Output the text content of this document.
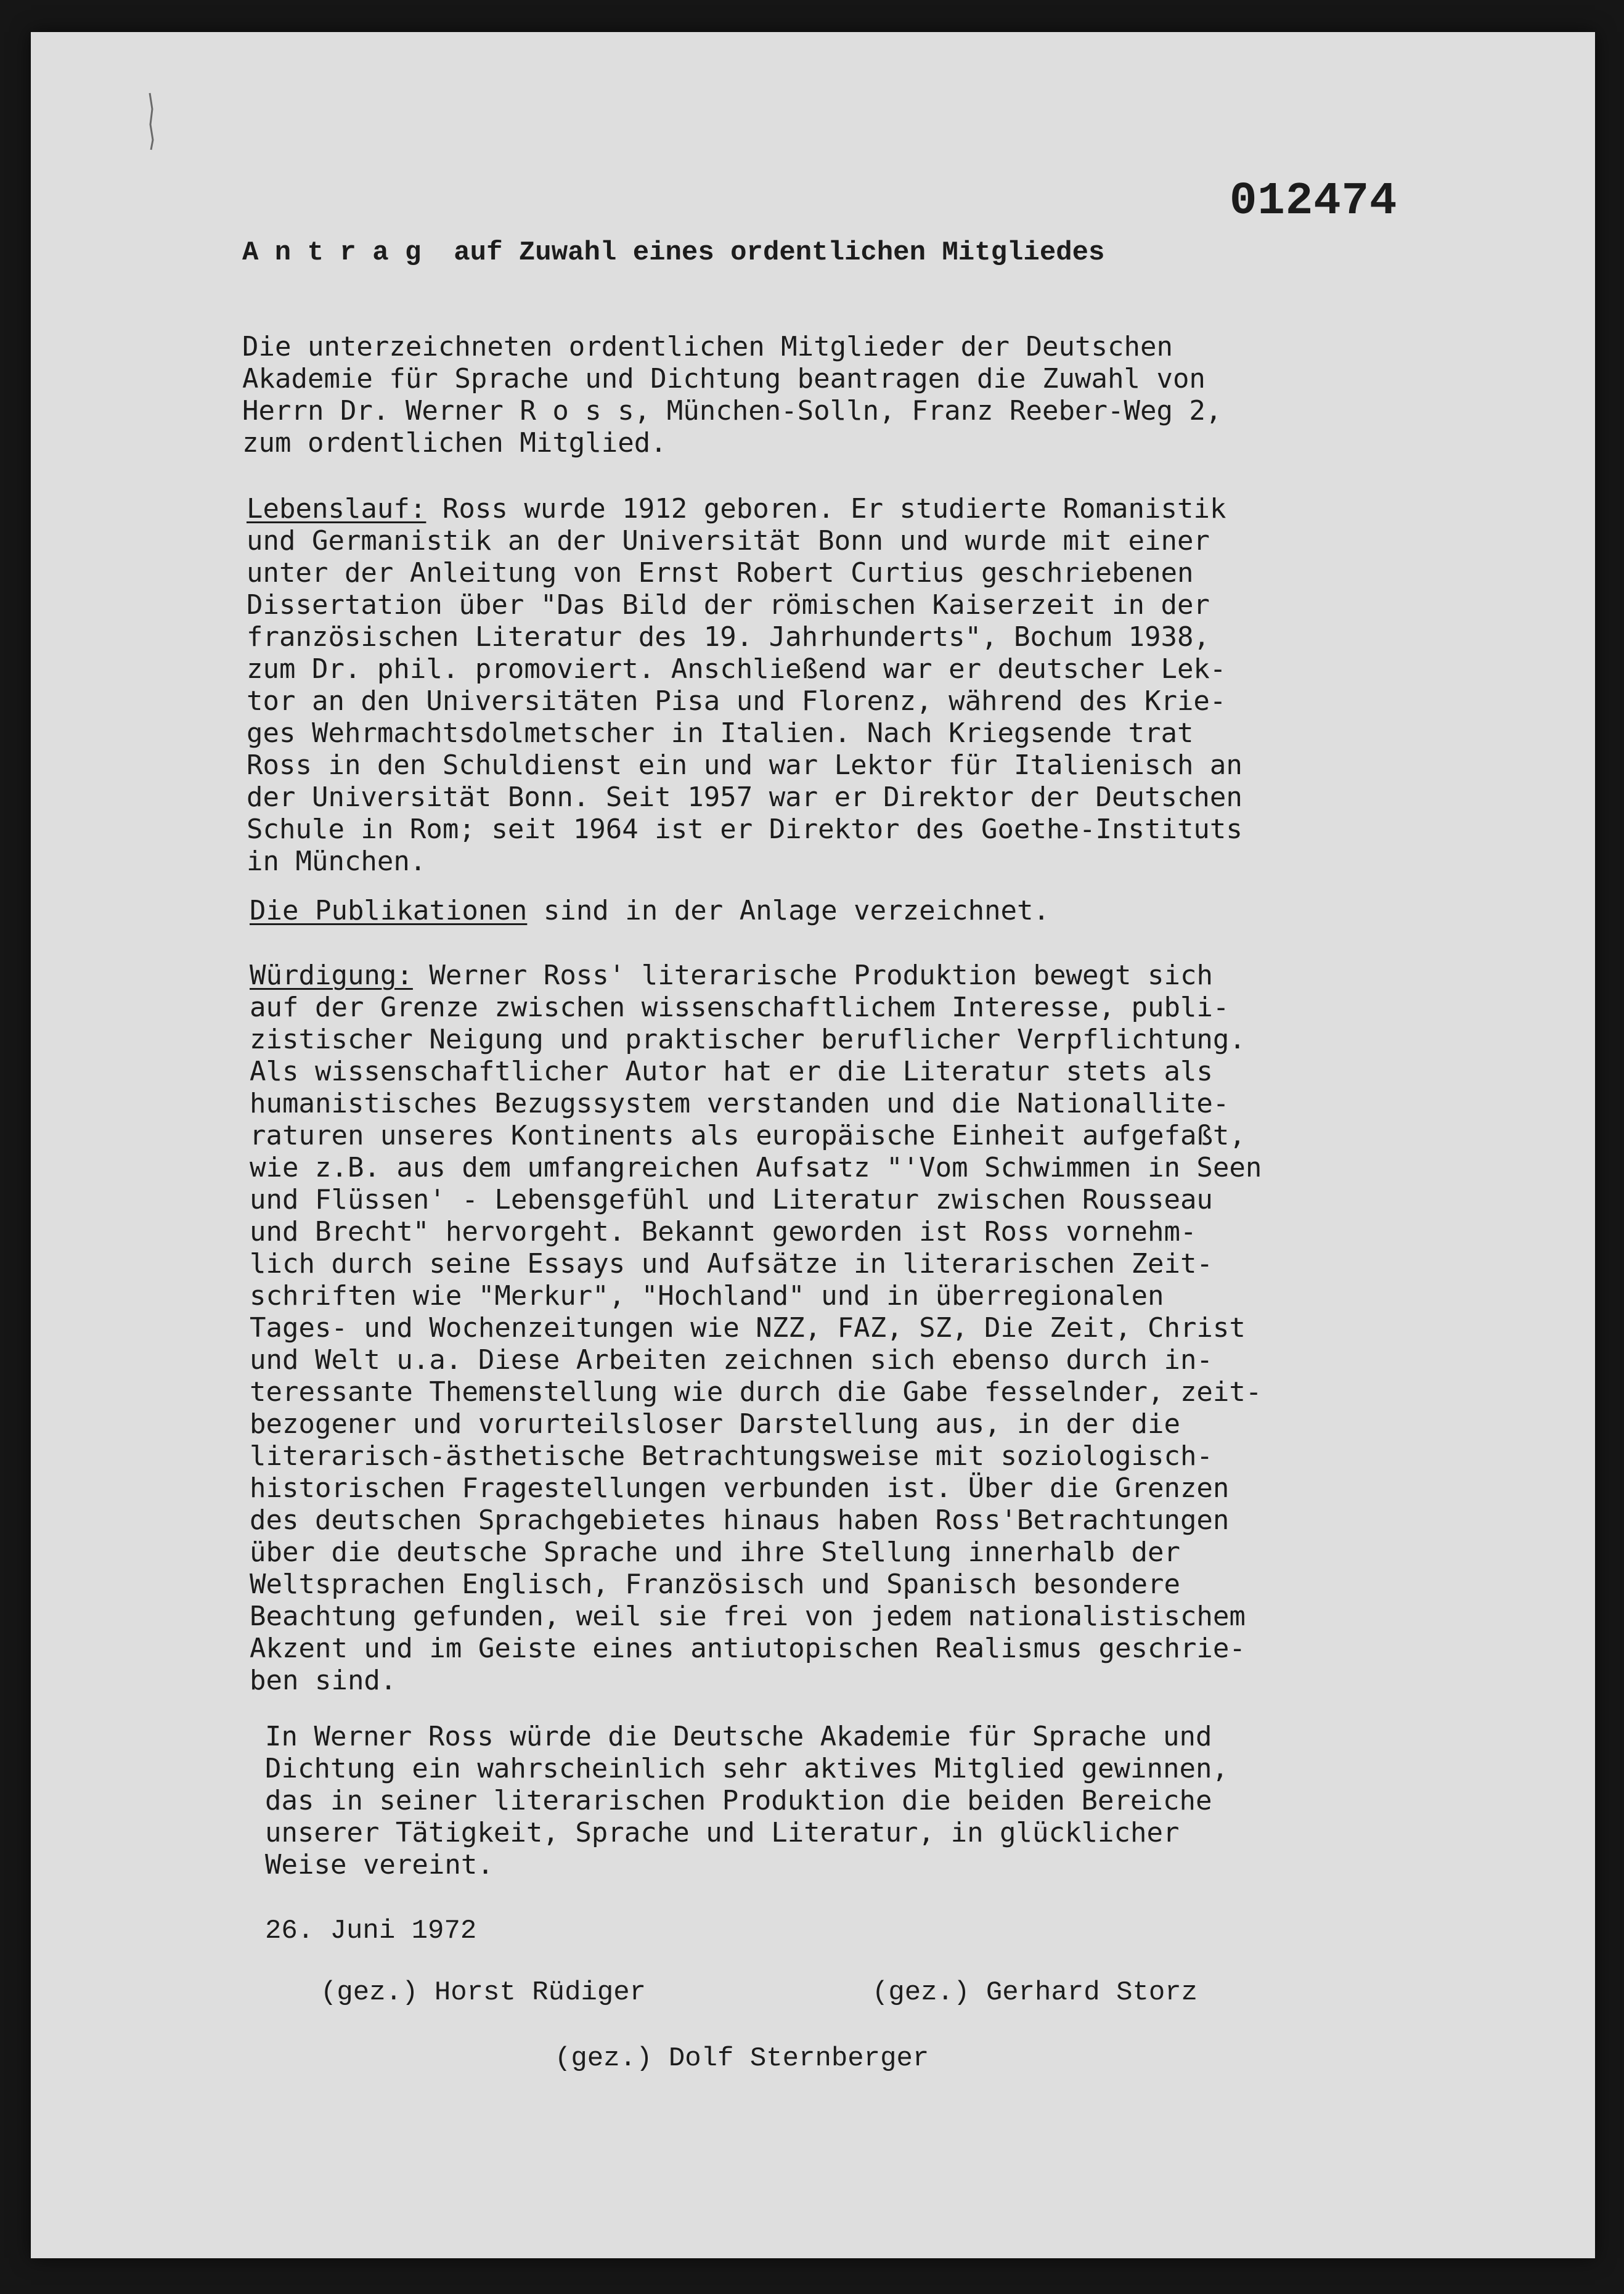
012474
A n t r a g auf Zuwahl eines ordentlichen Mitgliedes
Die unterzeichneten ordentlichen Mitglieder der Deutschen
Akademie für Sprache und Dichtung beantragen die Zuwahl von
Herrn Dr. Werner R o s s, München-Solln, Franz Reeber-Weg 2,
zum ordentlichen Mitglied.
Lebenslauf: Ross wurde 1912 geboren. Er studierte Romanistik
und Germanistik an der Universität Bonn und wurde mit einer
unter der Anleitung von Ernst Robert Curtius geschriebenen
Dissertation über "Das Bild der römischen Kaiserzeit in der
französischen Literatur des 19. Jahrhunderts", Bochum 1938,
zum Dr. phil. promoviert. Anschließend war er deutscher Lek-
tor an den Universitäten Pisa und Florenz, während des Krie-
ges Wehrmachtsdolmetscher in Italien. Nach Kriegsende trat
Ross in den Schuldienst ein und war Lektor für Italienisch an
der Universität Bonn. Seit 1957 war er Direktor der Deutschen
Schule in Rom; seit 1964 ist er Direktor des Goethe-Instituts
in München.
Die Publikationen sind in der Anlage verzeichnet.
Würdigung: Werner Ross' literarische Produktion bewegt sich
auf der Grenze zwischen wissenschaftlichem Interesse, publi-
zistischer Neigung und praktischer beruflicher Verpflichtung.
Als wissenschaftlicher Autor hat er die Literatur stets als
humanistisches Bezugssystem verstanden und die Nationallite-
raturen unseres Kontinents als europäische Einheit aufgefaßt,
wie z.B. aus dem umfangreichen Aufsatz "'Vom Schwimmen in Seen
und Flüssen' - Lebensgefühl und Literatur zwischen Rousseau
und Brecht" hervorgeht. Bekannt geworden ist Ross vornehm-
lich durch seine Essays und Aufsätze in literarischen Zeit-
schriften wie "Merkur", "Hochland" und in überregionalen
Tages- und Wochenzeitungen wie NZZ, FAZ, SZ, Die Zeit, Christ
und Welt u.a. Diese Arbeiten zeichnen sich ebenso durch in-
teressante Themenstellung wie durch die Gabe fesselnder, zeit-
bezogener und vorurteilsloser Darstellung aus, in der die
literarisch-ästhetische Betrachtungsweise mit soziologisch-
historischen Fragestellungen verbunden ist. Über die Grenzen
des deutschen Sprachgebietes hinaus haben Ross'Betrachtungen
über die deutsche Sprache und ihre Stellung innerhalb der
Weltsprachen Englisch, Französisch und Spanisch besondere
Beachtung gefunden, weil sie frei von jedem nationalistischem
Akzent und im Geiste eines antiutopischen Realismus geschrie-
ben sind.
In Werner Ross würde die Deutsche Akademie für Sprache und
Dichtung ein wahrscheinlich sehr aktives Mitglied gewinnen,
das in seiner literarischen Produktion die beiden Bereiche
unserer Tätigkeit, Sprache und Literatur, in glücklicher
Weise vereint.
26. Juni 1972
(gez.) Horst Rüdiger	(gez.) Gerhard Storz
(gez.) Dolf Sternberger
